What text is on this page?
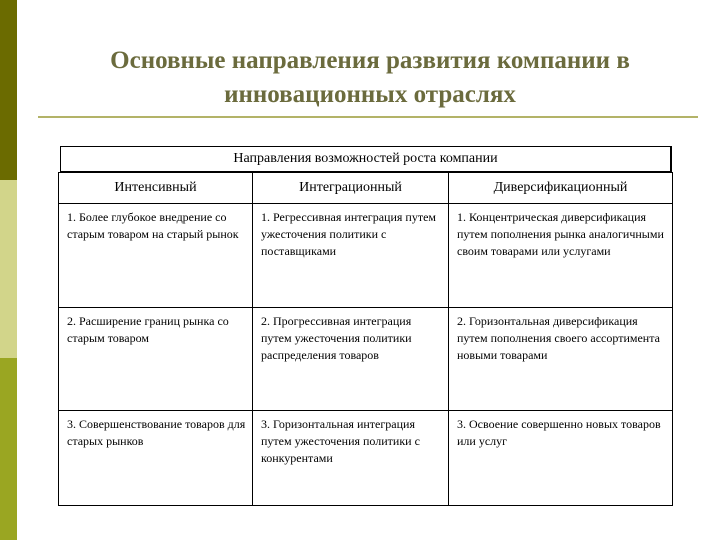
Основные направления развития компании в инновационных отраслях
Направления возможностей роста компании
Интенсивный	Интеграционный	Диверсификационный
1. Более глубокое внедрение со старым товаром на старый рынок	1. Регрессивная интеграция путем ужесточения политики с поставщиками	1. Концентрическая диверсификация путем пополнения рынка аналогичными своим товарами или услугами
2. Расширение границ рынка со старым товаром	2. Прогрессивная интеграция путем ужесточения политики распределения товаров	2. Горизонтальная диверсификация путем пополнения своего ассортимента новыми товарами
3. Совершенствование товаров для старых рынков	3. Горизонтальная интеграция путем ужесточения политики с конкурентами	3. Освоение совершенно новых товаров или услуг
